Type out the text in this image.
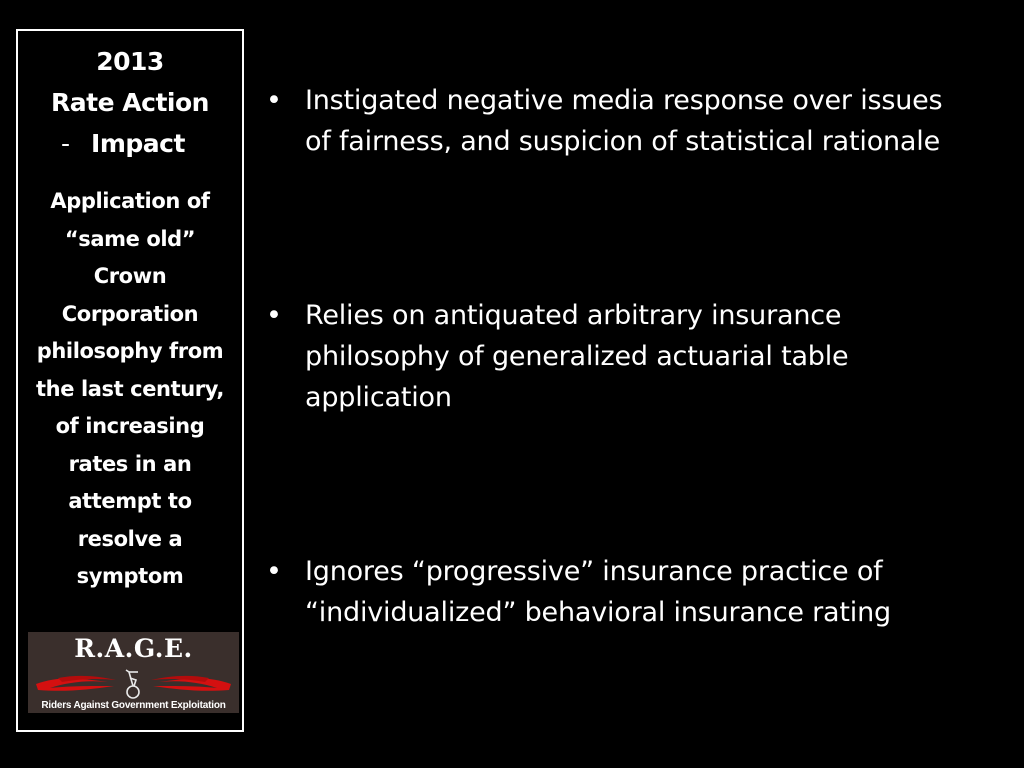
2013
Rate Action
- Impact
Application of “same old” Crown Corporation philosophy from the last century, of increasing rates in an attempt to resolve a symptom
R.A.G.E.
Riders Against Government Exploitation
• Instigated negative media response over issues of fairness, and suspicion of statistical rationale
• Relies on antiquated arbitrary insurance philosophy of generalized actuarial table application
• Ignores “progressive” insurance practice of “individualized” behavioral insurance rating
